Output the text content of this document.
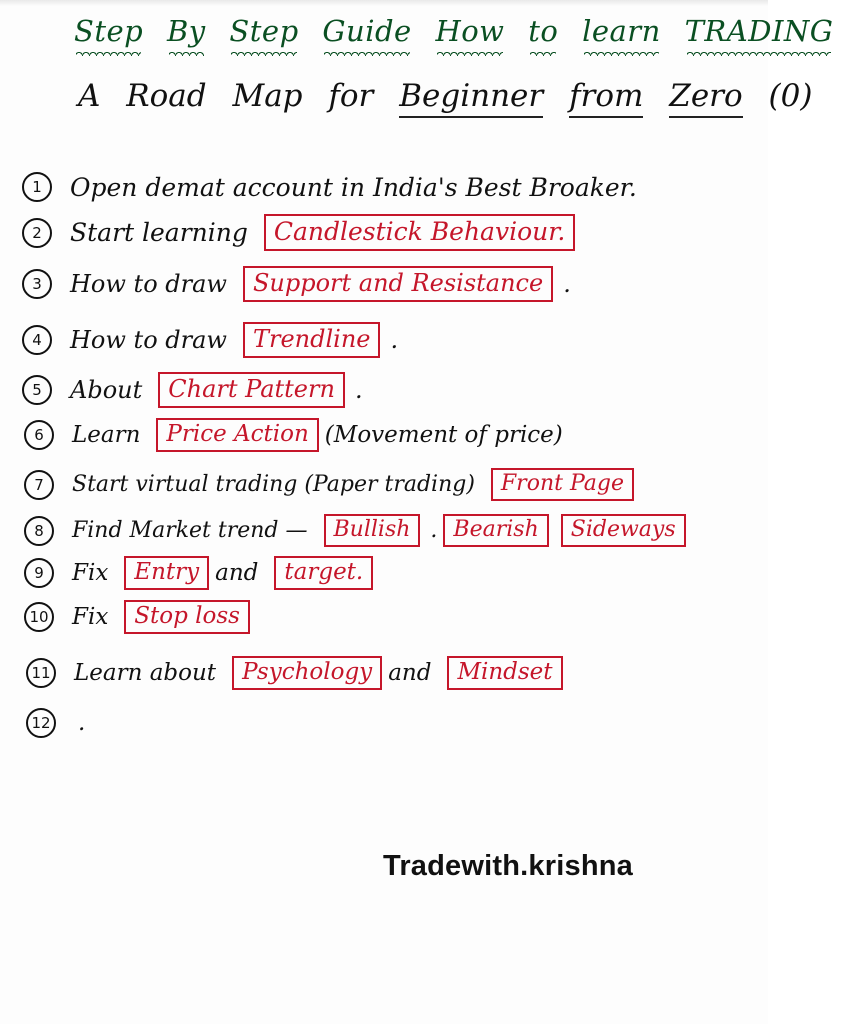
Step By Step Guide How to learn TRADING
A Road Map for Beginner from Zero (0)
1	Open demat account in India's Best Broaker.
2	Start learning	Candlestick Behaviour.
3	How to draw	Support and Resistance .
4	How to draw	Trendline .
5	About	Chart Pattern .
6	Learn	Price Action (Movement of price)
7	Start virtual trading (Paper trading)	Front Page
8	Find Market trend —	Bullish . Bearish	Sideways
9	Fix	Entry and	target.
10 Fix	Stop loss
11 Learn about	Psychology and	Mindset
12 .
Tradewith.krishna
